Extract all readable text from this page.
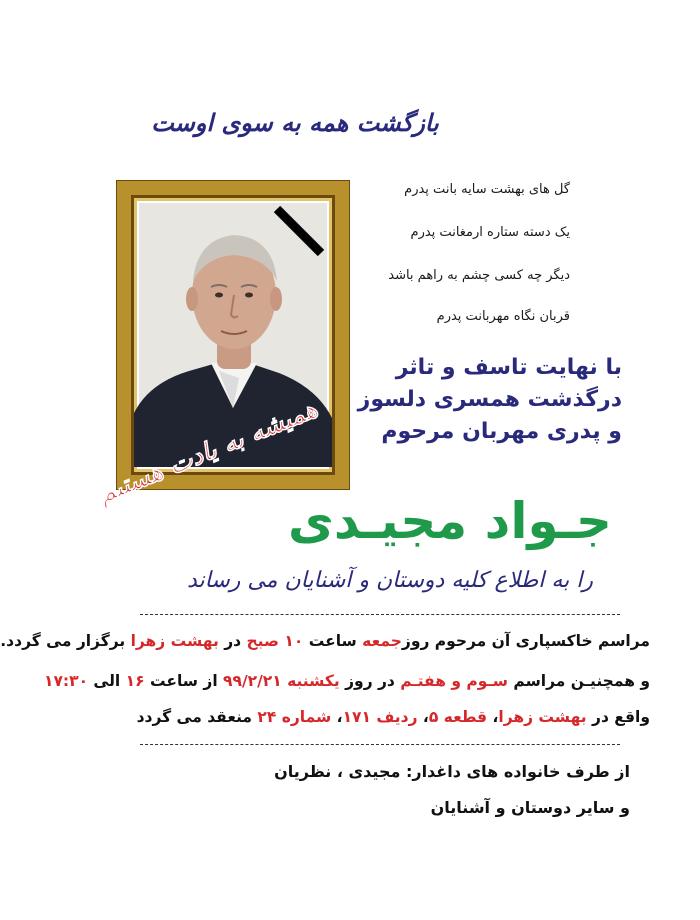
بازگشت همه به سوی اوست
گل های بهشت سایه بانت پدرم
یک دسته ستاره ارمغانت پدرم
دیگر چه کسی چشم به راهم باشد
قربان نگاه مهربانت پدرم
با نهایت تاسف و تاثر
درگذشت همسری دلسوز
و پدری مهربان مرحوم
همیشه به یادت هستیم
جـواد مجیـدی
را به اطلاع کلیه دوستان و آشنایان می رساند
مراسم خاکسپاری آن مرحوم روزجمعه ساعت ۱۰ صبح در بهشت زهرا برگزار می گردد.
و همچنیـن مراسم سـوم و هفتـم در روز یکشنبه ۹۹/۲/۲۱ از ساعت ۱۶ الی ۱۷:۳۰
واقع در بهشت زهرا، قطعه ۵، ردیف ۱۷۱، شماره ۲۴ منعقد می گردد
از طرف خانواده های داغدار: مجیدی ، نظریان
و سایر دوستان و آشنایان
